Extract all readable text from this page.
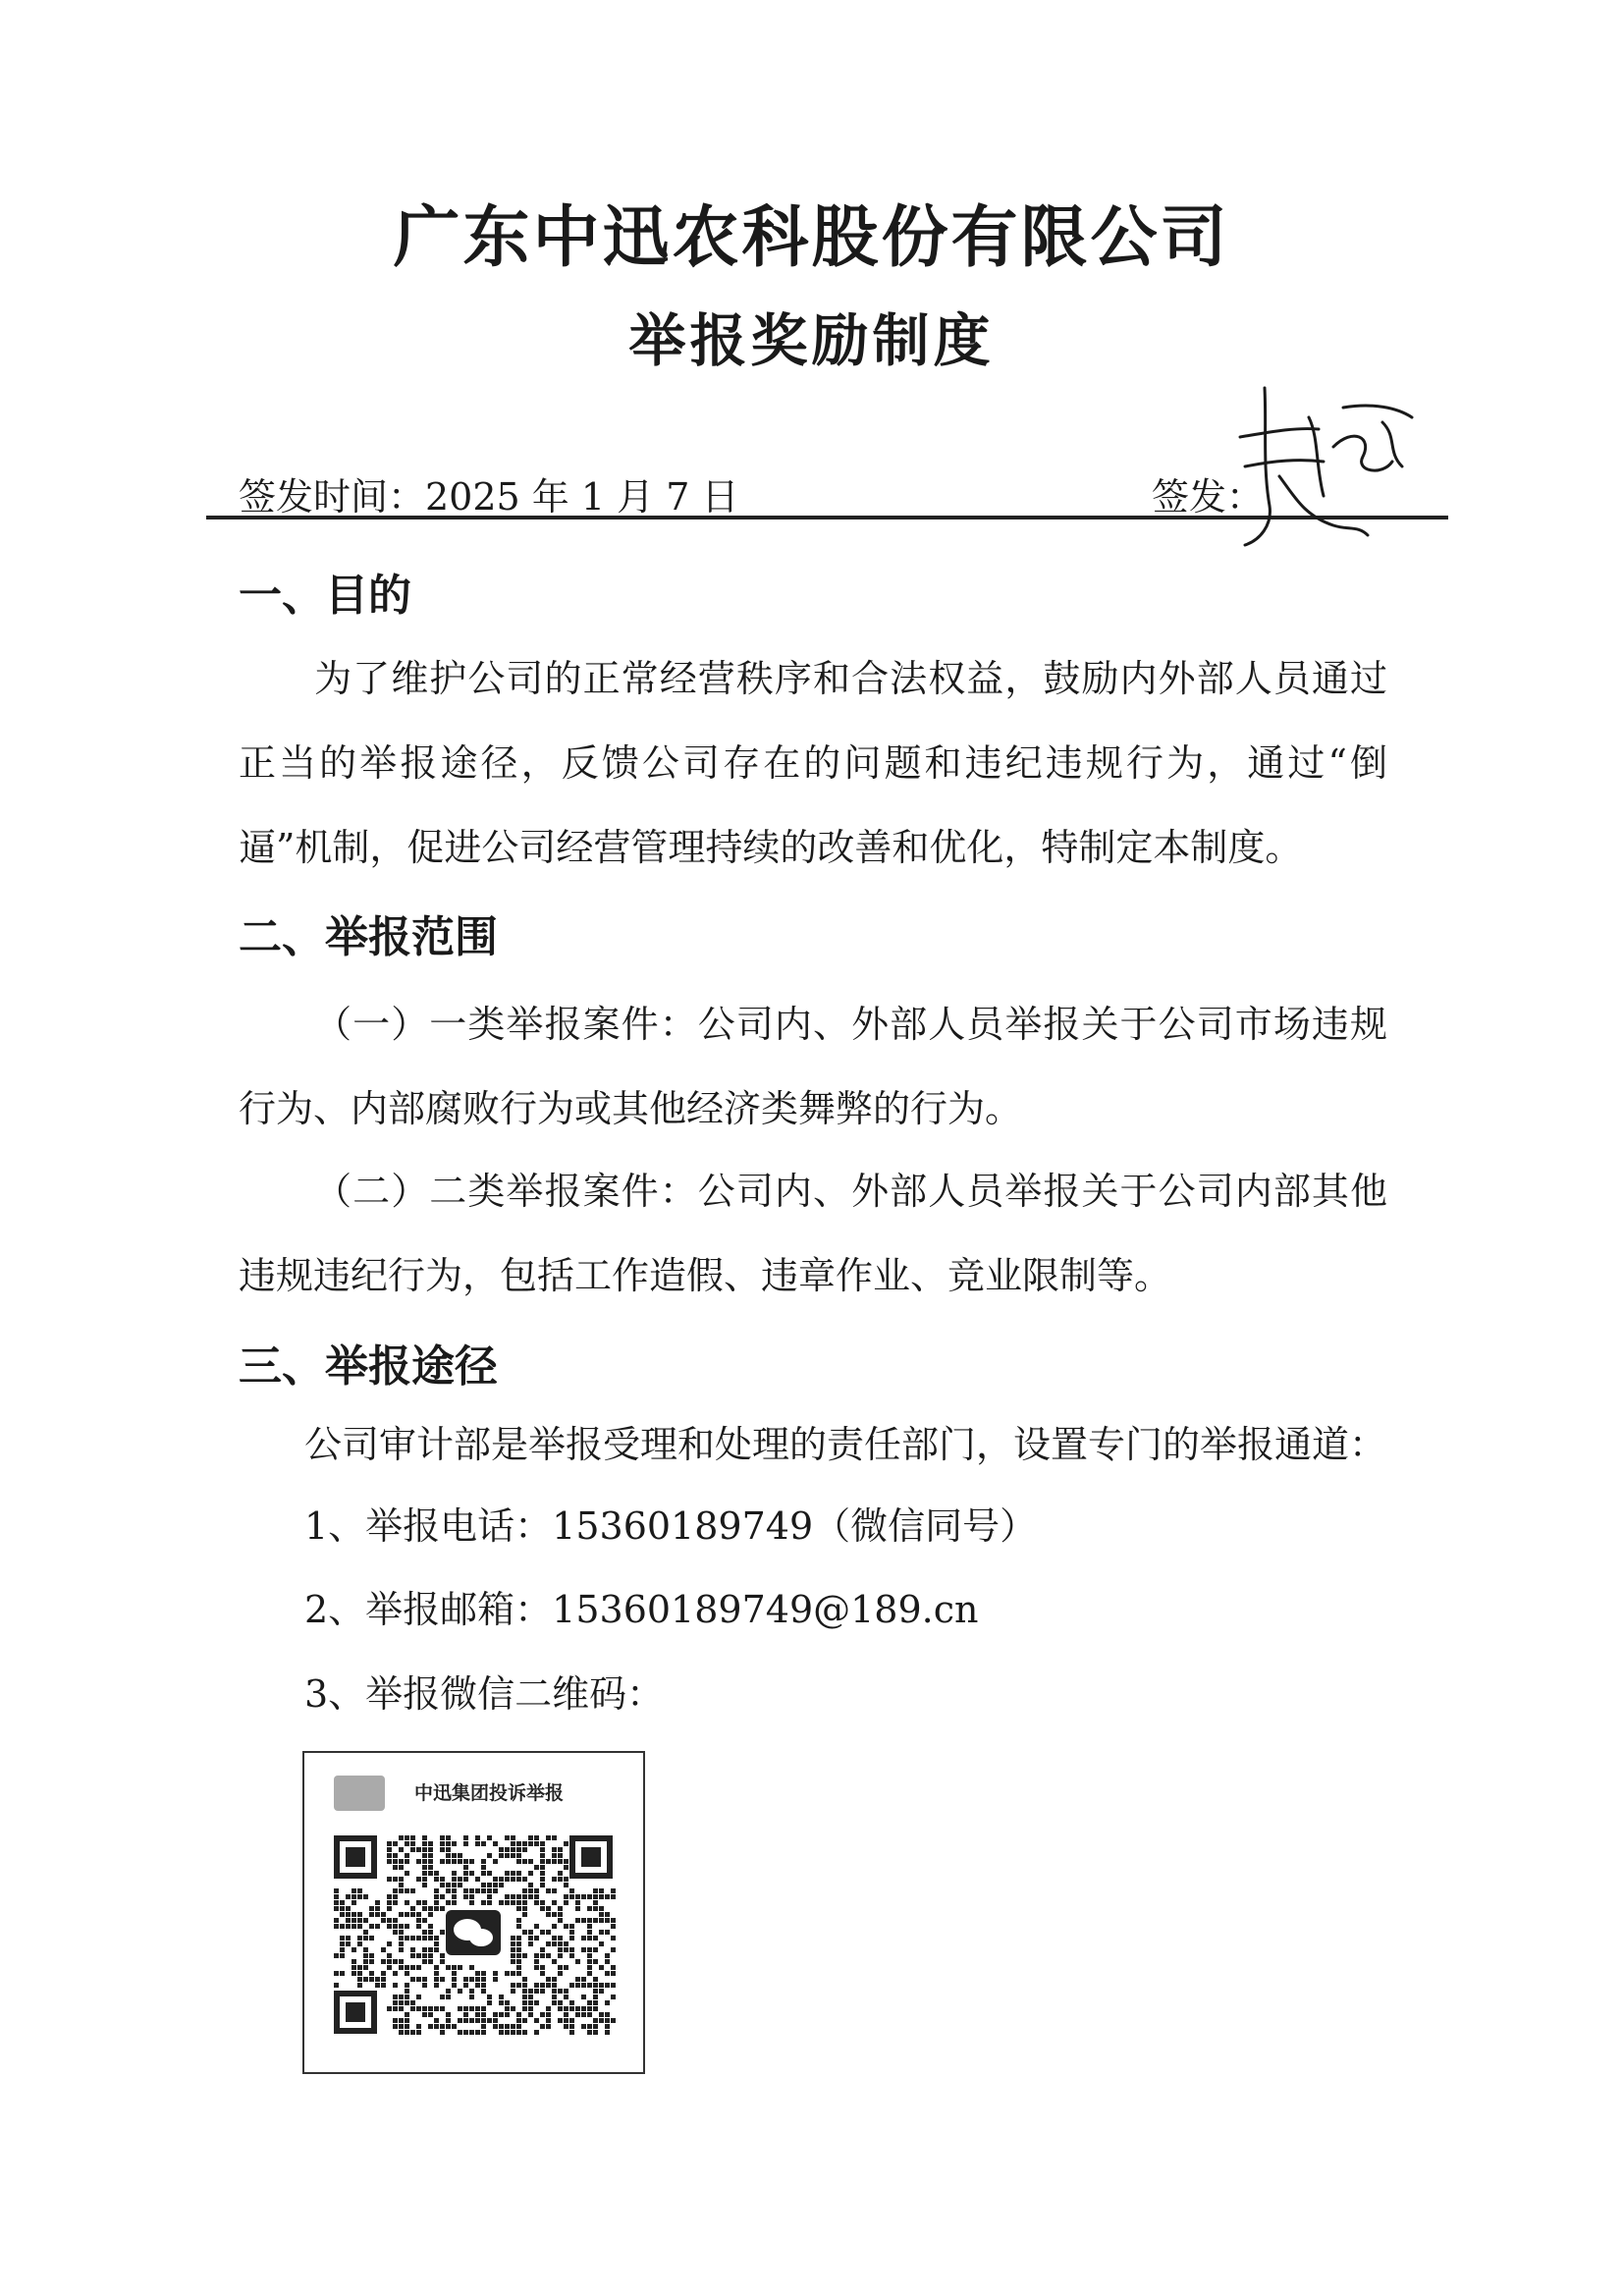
广东中迅农科股份有限公司
举报奖励制度
签发时间：2025 年 1 月 7 日	签发：
一、目的
为了维护公司的正常经营秩序和合法权益，鼓励内外部人员通过正当的举报途径，反馈公司存在的问题和违纪违规行为，通过“倒逼”机制，促进公司经营管理持续的改善和优化，特制定本制度。
二、举报范围
（一）一类举报案件：公司内、外部人员举报关于公司市场违规行为、内部腐败行为或其他经济类舞弊的行为。
（二）二类举报案件：公司内、外部人员举报关于公司内部其他违规违纪行为，包括工作造假、违章作业、竞业限制等。
三、举报途径
公司审计部是举报受理和处理的责任部门，设置专门的举报通道：
1、举报电话：15360189749（微信同号）
2、举报邮箱：15360189749@189.cn
3、举报微信二维码：
中迅集团投诉举报
